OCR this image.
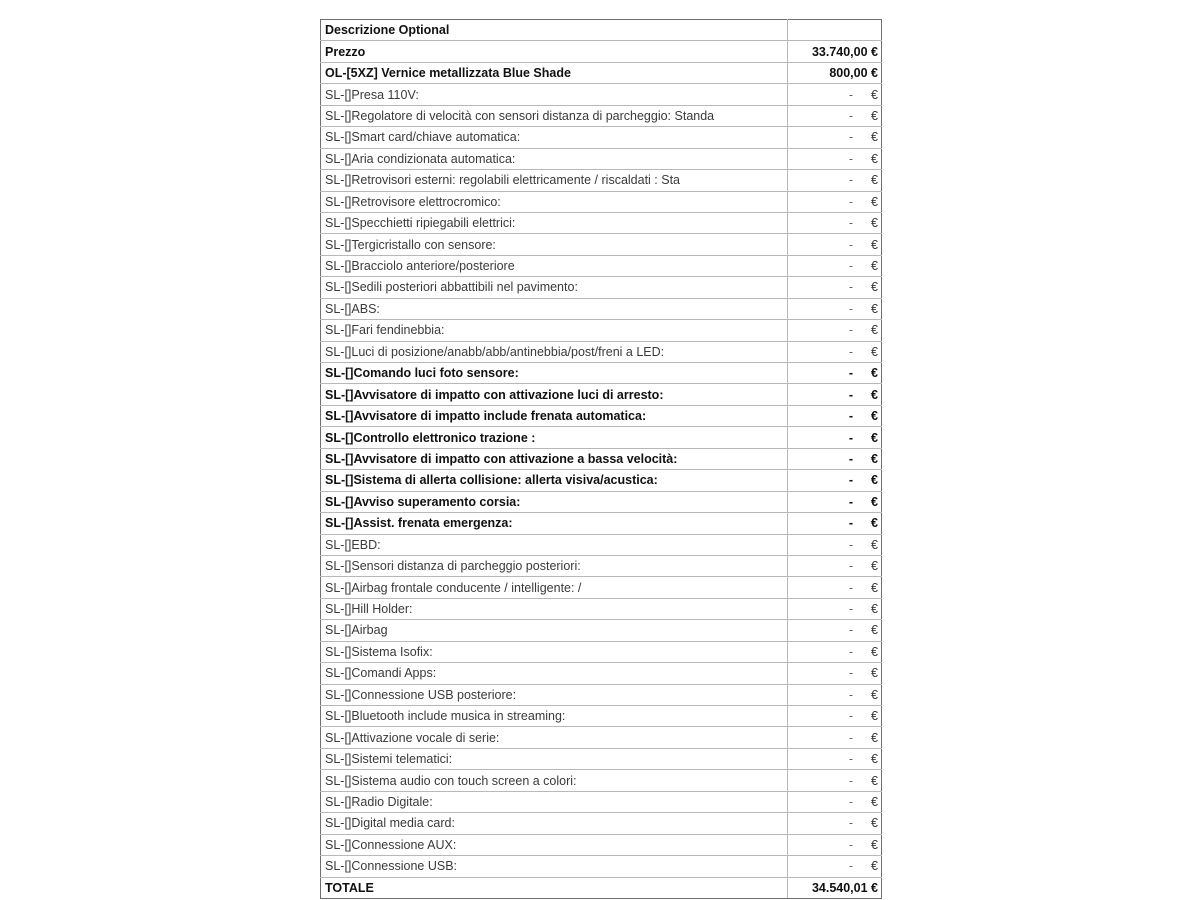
Descrizione Optional	
Prezzo	33.740,00 €
OL-[5XZ] Vernice metallizzata Blue Shade	800,00 €
SL-[]Presa 110V:	- €

SL-[]Regolatore di velocità con sensori distanza di parcheggio: Standa	- €

SL-[]Smart card/chiave automatica:	- €

SL-[]Aria condizionata automatica:	- €

SL-[]Retrovisori esterni: regolabili elettricamente / riscaldati : Sta	- €

SL-[]Retrovisore elettrocromico:	- €

SL-[]Specchietti ripiegabili elettrici:	- €

SL-[]Tergicristallo con sensore:	- €

SL-[]Bracciolo anteriore/posteriore	- €

SL-[]Sedili posteriori abbattibili nel pavimento:	- €

SL-[]ABS:	- €

SL-[]Fari fendinebbia:	- €

SL-[]Luci di posizione/anabb/abb/antinebbia/post/freni a LED:	- €

SL-[]Comando luci foto sensore:	- €

SL-[]Avvisatore di impatto con attivazione luci di arresto:	- €

SL-[]Avvisatore di impatto include frenata automatica:	- €

SL-[]Controllo elettronico trazione :	- €

SL-[]Avvisatore di impatto con attivazione a bassa velocità:	- €

SL-[]Sistema di allerta collisione: allerta visiva/acustica:	- €

SL-[]Avviso superamento corsia:	- €

SL-[]Assist. frenata emergenza:	- €

SL-[]EBD:	- €

SL-[]Sensori distanza di parcheggio posteriori:	- €

SL-[]Airbag frontale conducente / intelligente: /	- €

SL-[]Hill Holder:	- €

SL-[]Airbag	- €

SL-[]Sistema Isofix:	- €

SL-[]Comandi Apps:	- €

SL-[]Connessione USB posteriore:	- €

SL-[]Bluetooth include musica in streaming:	- €

SL-[]Attivazione vocale di serie:	- €

SL-[]Sistemi telematici:	- €

SL-[]Sistema audio con touch screen a colori:	- €

SL-[]Radio Digitale:	- €

SL-[]Digital media card:	- €

SL-[]Connessione AUX:	- €

SL-[]Connessione USB:	- €

TOTALE	34.540,01 €
